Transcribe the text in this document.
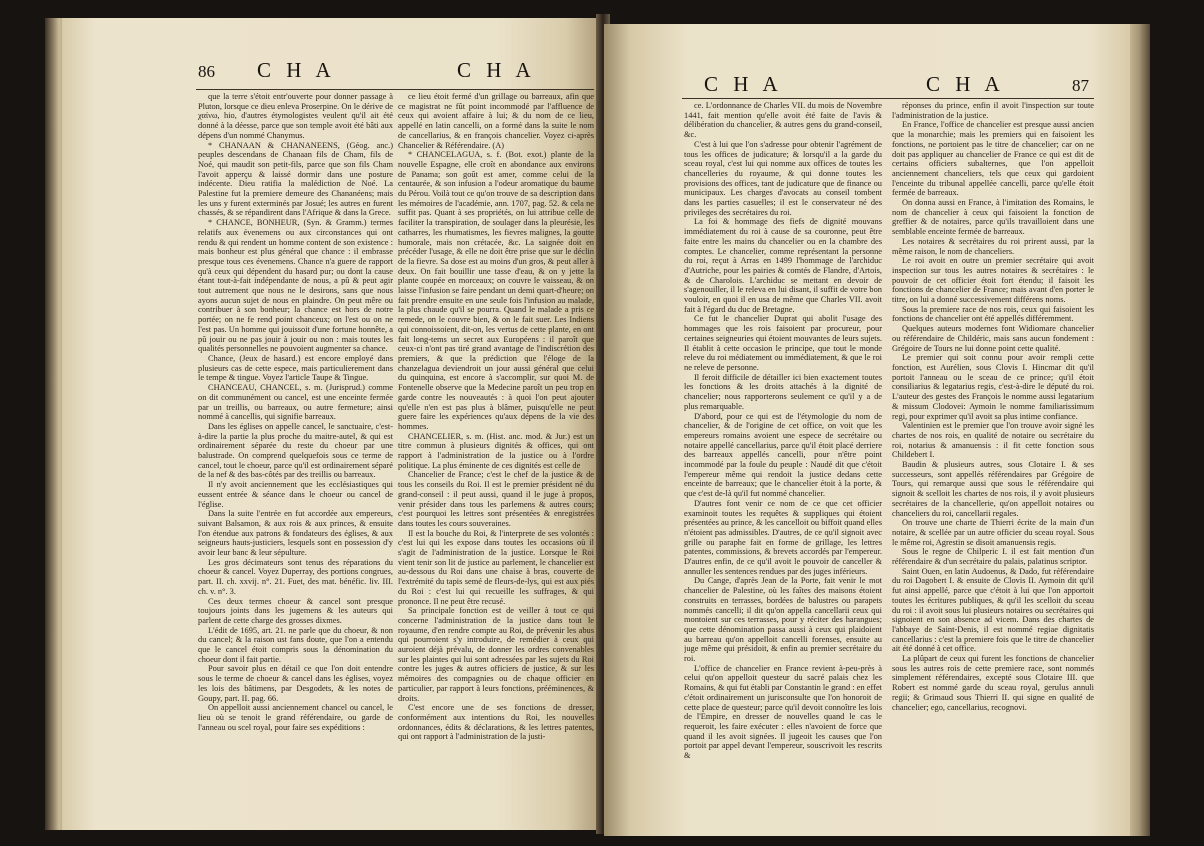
86 C H A	C H A

que la terre s'étoit entr'ouverte pour donner passage à Pluton, lorsque ce dieu enleva Proserpine. On le dérive de χαίνω, hio, d'autres étymologistes veulent qu'il ait été donné à la déesse, parce que son temple avoit été bâti aux dépens d'un nommé Chanymus.

* CHANAAN & CHANANEENS, (Géog. anc.) peuples descendans de Chanaan fils de Cham, fils de Noé, qui maudit son petit-fils, parce que son fils Cham l'avoit apperçu & laissé dormir dans une posture indécente. Dieu ratifia la malédiction de Noé. La Palestine fut la premiere demeure des Chananéens; mais les uns y furent exterminés par Josué; les autres en furent chassés, & se répandirent dans l'Afrique & dans la Grece.

* CHANCE, BONHEUR, (Syn. & Gramm.) termes relatifs aux évenemens ou aux circonstances qui ont rendu & qui rendent un homme content de son existence : mais bonheur est plus général que chance : il embrasse presque tous ces évenemens. Chance n'a guere de rapport qu'à ceux qui dépendent du hasard pur; ou dont la cause étant tout-à-fait indépendante de nous, a pû & peut agir tout autrement que nous ne le desirons, sans que nous ayons aucun sujet de nous en plaindre. On peut mêre ou contribuer à son bonheur; la chance est hors de notre portée; on ne fe rend point chanceux; on l'est ou on ne l'est pas. Un homme qui jouissoit d'une fortune honnête, a pû jouir ou ne pas jouir à jouir ou non : mais toutes les qualités personnelles ne pouvoient augmenter sa chance.

Chance, (Jeux de hasard.) est encore employé dans plusieurs cas de cette espece, mais particulierement dans le tempe & tingue. Voyez l'article Taupe & Tingue.

CHANCEAU, CHANCEL, s. m. (Jurisprud.) comme on dit communément ou cancel, est une enceinte fermée par un treillis, ou barreaux, ou autre fermeture; ainsi nommé à cancellis, qui signifie barreaux.

Dans les églises on appelle cancel, le sanctuaire, c'est-à-dire la partie la plus proche du maitre-autel, & qui est ordinairement séparée du reste du choeur par une balustrade. On comprend quelquefois sous ce terme de cancel, tout le choeur, parce qu'il est ordinairement séparé de la nef & des bas-côtés par des treillis ou barreaux.

Il n'y avoit anciennement que les ecclésiastiques qui eussent entrée & séance dans le choeur ou cancel de l'église.

Dans la suite l'entrée en fut accordée aux empereurs, suivant Balsamon, & aux rois & aux princes, & ensuite l'on étendue aux patrons & fondateurs des églises, & aux seigneurs hauts-justiciers, lesquels sont en possession d'y avoir leur banc & leur sépulture.

Les gros décimateurs sont tenus des réparations du choeur & cancel. Voyez Duperray, des portions congrues, part. II. ch. xxvij. n°. 21. Fuet, des mat. bénéfic. liv. III. ch. v. n°. 3.

Ces deux termes choeur & cancel sont presque toujours joints dans les jugemens & les auteurs qui parlent de cette charge des grosses dixmes.

L'édit de 1695, art. 21. ne parle que du choeur, & non du cancel; & la raison ust fans doute, que l'on a entendu que le cancel étoit compris sous la dénomination du choeur dont il fait partie.

Pour savoir plus en détail ce que l'on doit entendre sous le terme de choeur & cancel dans les églises, voyez les lois des bâtimens, par Desgodets, & les notes de Goupy, part. II. pag. 66.

On appelloit aussi anciennement chancel ou cancel, le lieu où se tenoit le grand référendaire, ou garde de l'anneau ou scel royal, pour faire ses expéditions :

ce lieu étoit fermé d'un grillage ou barreaux, afin que ce magistrat ne fût point incommodé par l'affluence de ceux qui avoient affaire à lui; & du nom de ce lieu, appellé en latin cancelli, on a formé dans la suite le nom de cancellarius, & en françois chancelier. Voyez ci-après Chancelier & Référendaire. (A)

* CHANCELAGUA, s. f. (Bot. exot.) plante de la nouvelle Espagne, elle croît en abondance aux environs de Panama; son goût est amer, comme celui de la centaurée, & son infusion a l'odeur aromatique du baume du Pérou. Voilà tout ce qu'on trouve de sa description dans les mémoires de l'académie, ann. 1707, pag. 52. & cela ne suffit pas. Quant à ses propriétés, on lui attribue celle de faciliter la transpiration, de soulager dans la pleurésie, les catharres, les rhumatismes, les fievres malignes, la goutte humorale, mais non crétacée, &c. La saignée doit en précéder l'usage, & elle ne doit être prise que sur le déclin de la fievre. Sa dose est au moins d'un gros, & peut aller à deux. On fait bouillir une tasse d'eau, & on y jette la plante coupée en morceaux; on couvre le vaisseau, & on laisse l'infusion se faire pendant un demi quart-d'heure; on fait prendre ensuite en une seule fois l'infusion au malade, la plus chaude qu'il se pourra. Quand le malade a pris ce remede, on le couvre bien, & on le fait suer. Les Indiens qui connoissoient, dit-on, les vertus de cette plante, en ont fait long-tems un secret aux Européens : il paroît que ceux-ci n'ont pas tiré grand avantage de l'indiscrétion des premiers, & que la prédiction que l'éloge de la chanzelagua deviendroit un jour aussi général que celui du quinquina, est encore à s'accomplir, sur quoi M. de Fontenelle observe que la Medecine paroît un peu trop en garde contre les nouveautés : à quoi l'on peut ajouter qu'elle n'en est pas plus à blâmer, puisqu'elle ne peut guere faire les expériences qu'aux dépens de la vie des hommes.

CHANCELIER, s. m. (Hist. anc. mod. & Jur.) est un titre commun à plusieurs dignités & offices, qui ont rapport à l'administration de la justice ou à l'ordre politique. La plus éminente de ces dignités est celle de

Chancelier de France; c'est le chef de la justice & de tous les conseils du Roi. Il est le premier président né du grand-conseil : il peut aussi, quand il le juge à propos, venir présider dans tous les parlemens & autres cours; c'est pourquoi les lettres sont présentées & enregistrées dans toutes les cours souveraines.

Il est la bouche du Roi, & l'interprete de ses volontés : c'est lui qui les expose dans toutes les occasions où il s'agit de l'administration de la justice. Lorsque le Roi vient tenir son lit de justice au parlement, le chancelier est au-dessous du Roi dans une chaise à bras, couverte de l'extrémité du tapis semé de fleurs-de-lys, qui est aux piés du Roi : c'est lui qui recueille les suffrages, & qui prononce. Il ne peut être recusé.

Sa principale fonction est de veiller à tout ce qui concerne l'administration de la justice dans tout le royaume, d'en rendre compte au Roi, de prévenir les abus qui pourroient s'y introduire, de remédier à ceux qui auroient déjà prévalu, de donner les ordres convenables sur les plaintes qui lui sont adressées par les sujets du Roi contre les juges & autres officiers de justice, & sur les mémoires des compagnies ou de chaque officier en particulier, par rapport à leurs fonctions, prééminences, & droits.

C'est encore une de ses fonctions de dresser, conformément aux intentions du Roi, les nouvelles ordonnances, édits & déclarations, & les lettres patentes, qui ont rapport à l'administration de la justi-

C H A	C H A	87

ce. L'ordonnance de Charles VII. du mois de Novembre 1441, fait mention qu'elle avoit été faite de l'avis & délibération du chancelier, & autres gens du grand-conseil, &c.

C'est à lui que l'on s'adresse pour obtenir l'agrément de tous les offices de judicature; & lorsqu'il a la garde du sceau royal, c'est lui qui nomme aux offices de toutes les chancelleries du royaume, & qui donne toutes les provisions des offices, tant de judicature que de finance ou municipaux. Les charges d'avocats au conseil tombent dans les parties casuelles; il est le conservateur né des privileges des secrétaires du roi.

La foi & hommage des fiefs de dignité mouvans immédiatement du roi à cause de sa couronne, peut être faite entre les mains du chancelier ou en la chambre des comptes. Le chancelier, comme représentant la personne du roi, reçut à Arras en 1499 l'hommage de l'archiduc d'Autriche, pour les pairies & comtés de Flandre, d'Artois, & de Charolois. L'archiduc se mettant en devoir de s'agenouiller, il le releva en lui disant, il suffit de votre bon vouloir, en quoi il en usa de même que Charles VII. avoit fait à l'égard du duc de Bretagne.

Ce fut le chancelier Duprat qui abolit l'usage des hommages que les rois faisoient par procureur, pour certaines seigneuries qui étoient mouvantes de leurs sujets. Il établit à cette occasion le principe, que tout le monde releve du roi médiatement ou immédiatement, & que le roi ne releve de personne.

Il feroit difficile de détailler ici bien exactement toutes les fonctions & les droits attachés à la dignité de chancelier; nous rapporterons seulement ce qu'il y a de plus remarquable.

D'abord, pour ce qui est de l'étymologie du nom de chancelier, & de l'origine de cet office, on voit que les empereurs romains avoient une espece de secrétaire ou notaire appellé cancellarius, parce qu'il étoit placé derriere des barreaux appellés cancelli, pour n'être point incommodé par la foule du peuple : Naudé dit que c'étoit l'empereur même qui rendoit la justice dedans cette enceinte de barreaux; que le chancelier étoit à la porte, & que c'est de-là qu'il fut nommé chancelier.

D'autres font venir ce nom de ce que cet officier examinoit toutes les requêtes & suppliques qui étoient présentées au prince, & les cancelloit ou biffoit quand elles n'étoient pas admissibles. D'autres, de ce qu'il signoit avec grille ou paraphe fait en forme de grillage, les lettres patentes, commissions, & brevets accordés par l'empereur. D'autres enfin, de ce qu'il avoit le pouvoir de canceller & annuller les sentences rendues par des juges inférieurs.

Du Cange, d'après Jean de la Porte, fait venir le mot chancelier de Palestine, où les faîtes des maisons étoient construits en terrasses, bordées de balustres ou parapets nommés cancelli; il dit qu'on appella cancellarii ceux qui montoient sur ces terrasses, pour y réciter des harangues; que cette dénomination passa aussi à ceux qui plaidoient au barreau qu'on appelloit cancelli forenses, ensuite au juge même qui présidoit, & enfin au premier secrétaire du roi.

L'office de chancelier en France revient à-peu-près à celui qu'on appelloit questeur du sacré palais chez les Romains, & qui fut établi par Constantin le grand : en effet c'étoit ordinairement un jurisconsulte que l'on honoroit de cette place de questeur; parce qu'il devoit connoître les lois de l'Empire, en dresser de nouvelles quand le cas le requeroit, les faire exécuter : elles n'avoient de force que quand il les avoit signées. Il jugeoit les causes que l'on portoit par appel devant l'empereur, souscrivoit les rescrits &

réponses du prince, enfin il avoit l'inspection sur toute l'administration de la justice.

En France, l'office de chancelier est presque aussi ancien que la monarchie; mais les premiers qui en faisoient les fonctions, ne portoient pas le titre de chancelier; car on ne doit pas appliquer au chancelier de France ce qui est dit de certains officiers subalternes, que l'on appelloit anciennement chanceliers, tels que ceux qui gardoient l'enceinte du tribunal appellée cancelli, parce qu'elle étoit fermée de barreaux.

On donna aussi en France, à l'imitation des Romains, le nom de chancelier à ceux qui faisoient la fonction de greffier & de notaires, parce qu'ils travailloient dans une semblable enceinte fermée de barreaux.

Les notaires & secrétaires du roi prirent aussi, par la même raison, le nom de chanceliers.

Le roi avoit en outre un premier secrétaire qui avoit inspection sur tous les autres notaires & secrétaires : le pouvoir de cet officier étoit fort étendu; il faisoit les fonctions de chancelier de France; mais avant d'en porter le titre, on lui a donné successivement différens noms.

Sous la premiere race de nos rois, ceux qui faisoient les fonctions de chancelier ont été appellés différemment.

Quelques auteurs modernes font Widiomare chancelier ou référendaire de Childéric, mais sans aucun fondement : Grégoire de Tours ne lui donne point cette qualité.

Le premier qui soit connu pour avoir rempli cette fonction, est Aurélien, sous Clovis I. Hincmar dit qu'il portoit l'anneau ou le sceau de ce prince; qu'il étoit consiliarius & legatarius regis, c'est-à-dire le député du roi. L'auteur des gestes des François le nomme aussi legatarium & missum Clodovei: Aymoin le nomme familiarissimum regi, pour exprimer qu'il avoit sa plus intime confiance.

Valentinien est le premier que l'on trouve avoir signé les chartes de nos rois, en qualité de notaire ou secrétaire du roi, notarius & amanuensis : il fit cette fonction sous Childebert I.

Baudin & plusieurs autres, sous Clotaire I. & ses successeurs, sont appellés référendaires par Grégoire de Tours, qui remarque aussi que sous le référendaire qui signoit & scelloit les chartes de nos rois, il y avoit plusieurs secrétaires de la chancellerie, qu'on appelloit notaires ou chanceliers du roi, cancellarii regales.

On trouve une charte de Thierri écrite de la main d'un notaire, & scellée par un autre officier du sceau royal. Sous le même roi, Agrestin se disoit amanuensis regis.

Sous le regne de Chilperic I. il est fait mention d'un référendaire & d'un secrétaire du palais, palatinus scriptor.

Saint Ouen, en latin Audoenus, & Dado, fut référendaire du roi Dagobert I. & ensuite de Clovis II. Aymoin dit qu'il fut ainsi appellé, parce que c'étoit à lui que l'on apportoit toutes les écritures publiques, & qu'il les scelloit du sceau du roi : il avoit sous lui plusieurs notaires ou secrétaires qui signoient en son absence ad vicem. Dans des chartes de l'abbaye de Saint-Denis, il est nommé regiae dignitatis cancellarius : c'est la premiere fois que le titre de chancelier ait été donné à cet office.

La plûpart de ceux qui furent les fonctions de chancelier sous les autres rois de cette premiere race, sont nommés simplement référendaires, excepté sous Clotaire III. que Robert est nommé garde du sceau royal, gerulus annuli regii; & Grimaud sous Thierri II. qui signe en qualité de chancelier; ego, cancellarius, recognovi.
